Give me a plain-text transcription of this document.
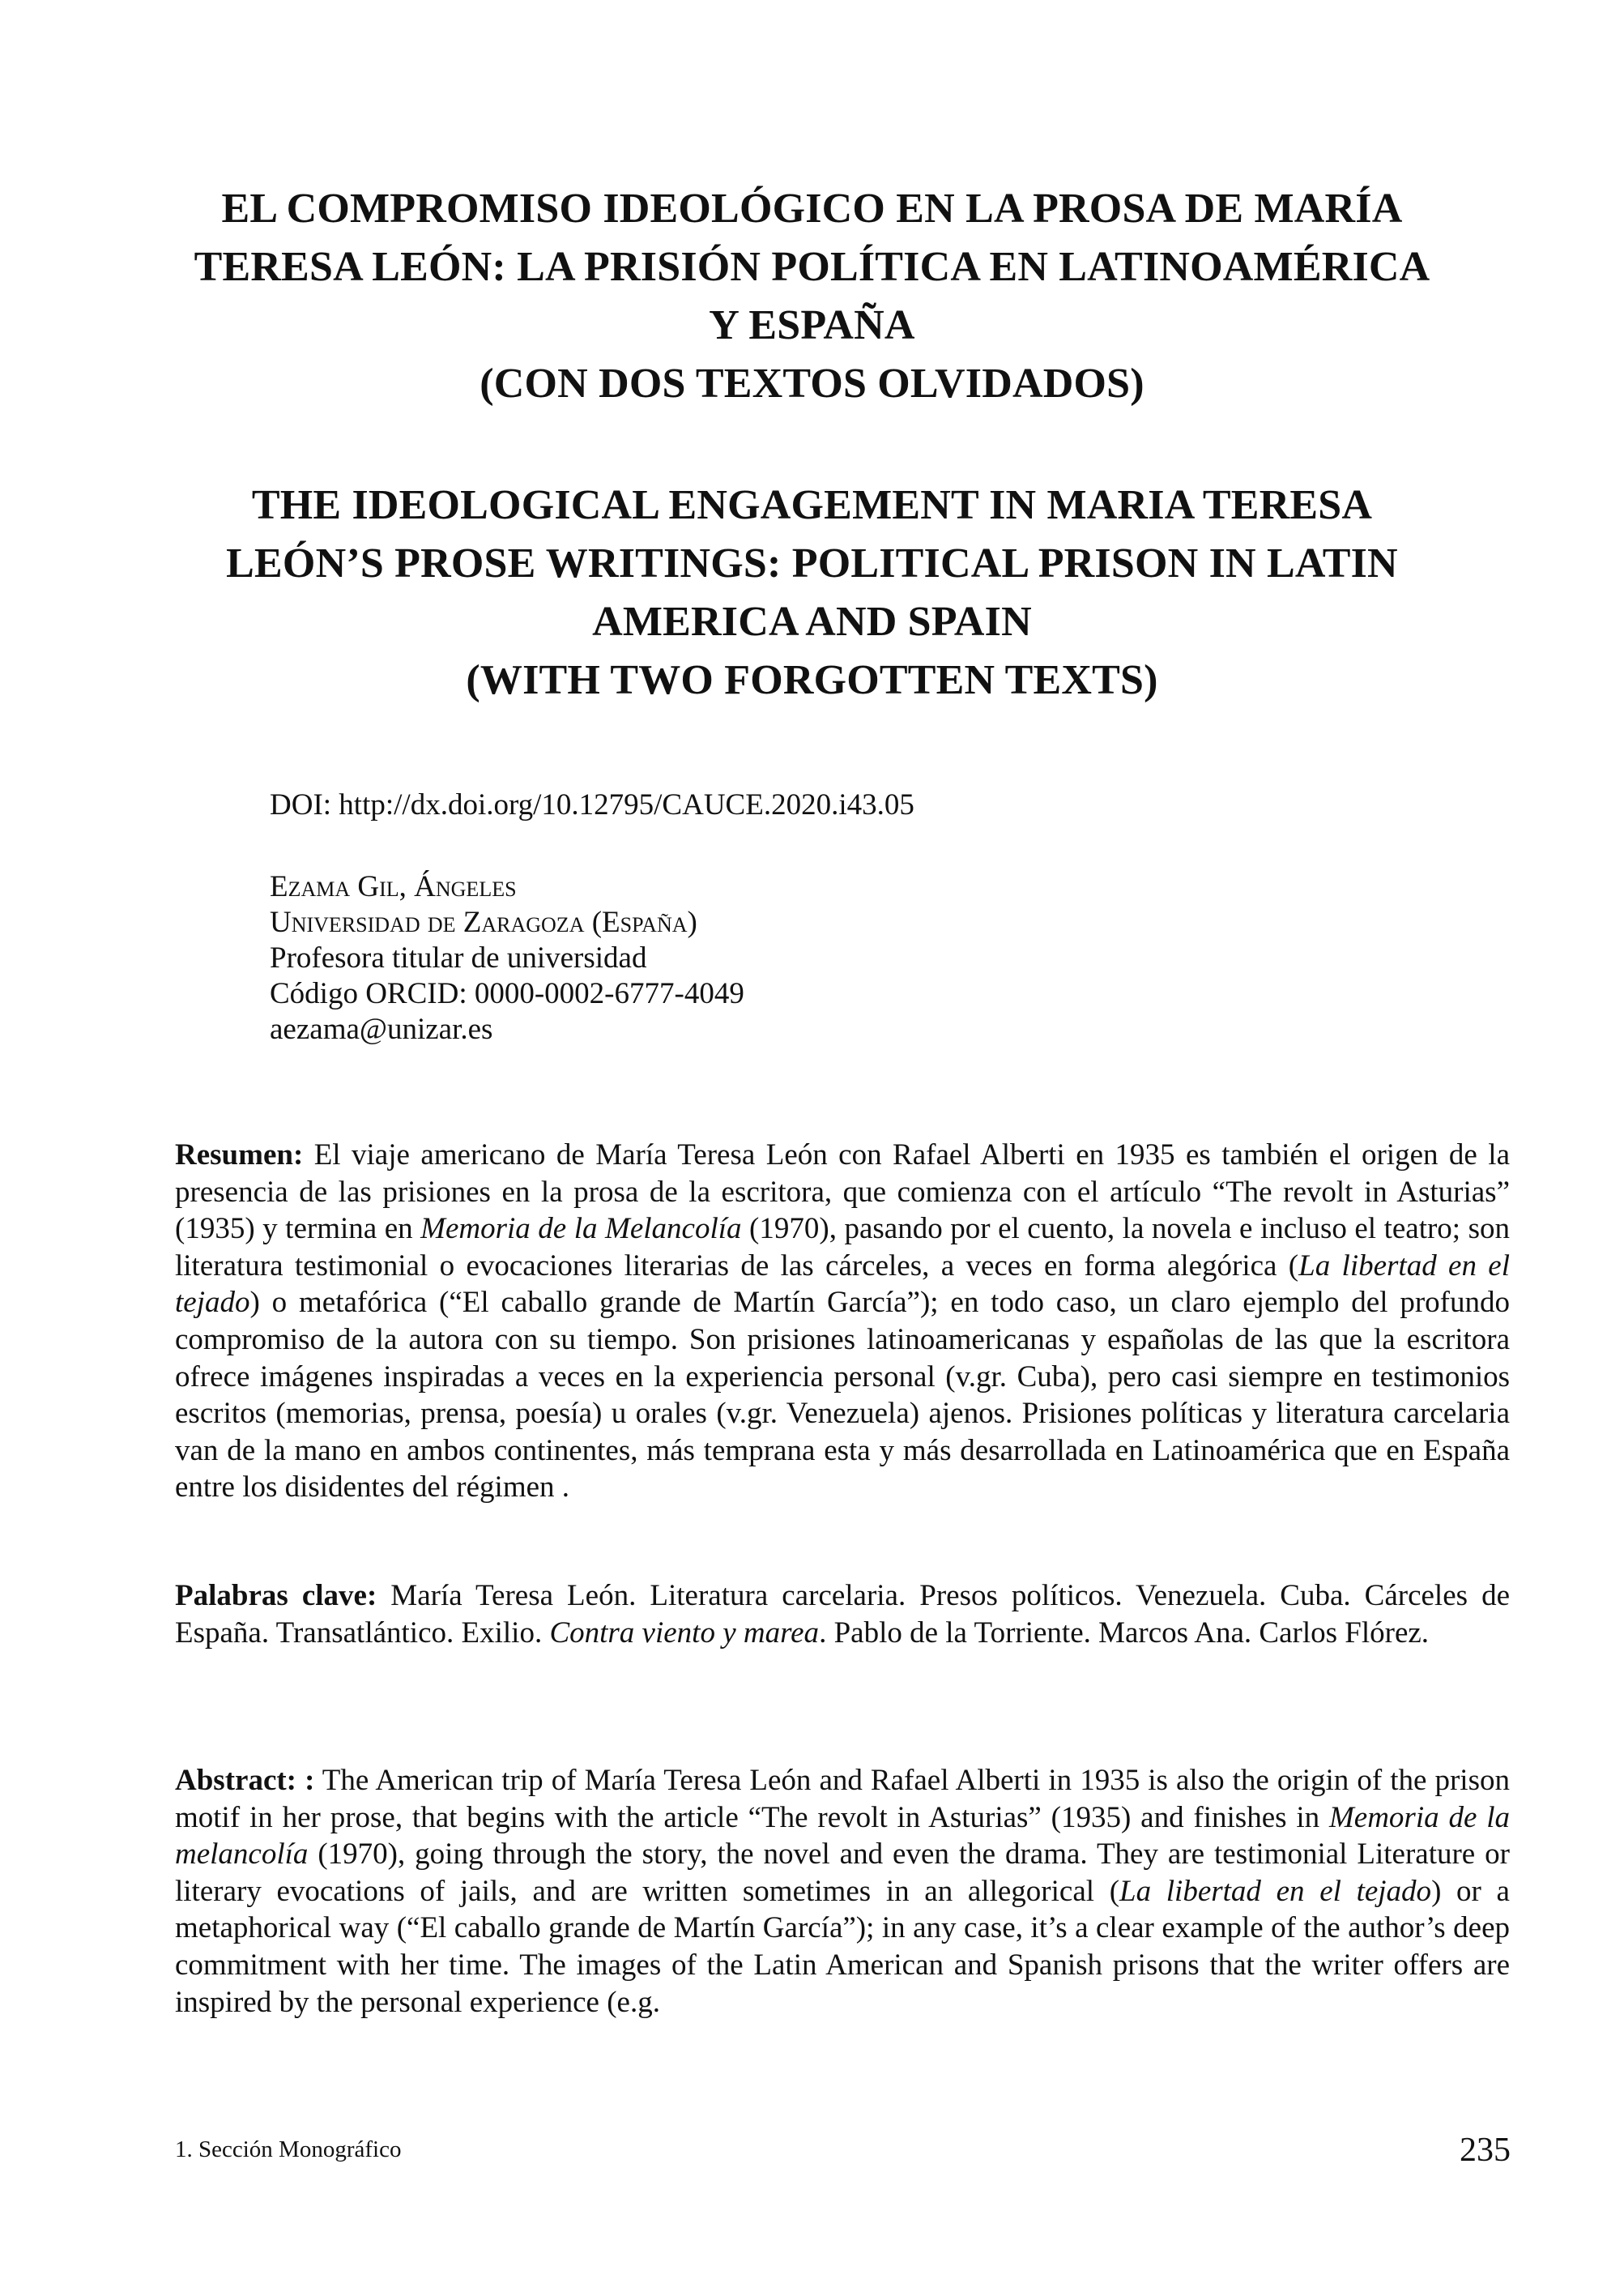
EL COMPROMISO IDEOLÓGICO EN LA PROSA DE MARÍA
TERESA LEÓN: LA PRISIÓN POLÍTICA EN LATINOAMÉRICA
Y ESPAÑA
(CON DOS TEXTOS OLVIDADOS)
THE IDEOLOGICAL ENGAGEMENT IN MARIA TERESA
LEÓN’S PROSE WRITINGS: POLITICAL PRISON IN LATIN
AMERICA AND SPAIN
(WITH TWO FORGOTTEN TEXTS)
DOI: http://dx.doi.org/10.12795/CAUCE.2020.i43.05
Ezama Gil, Ángeles
Universidad de Zaragoza (España)
Profesora titular de universidad
Código ORCID: 0000-0002-6777-4049
aezama@unizar.es
Resumen: El viaje americano de María Teresa León con Rafael Alberti en 1935 es también el origen de la presencia de las prisiones en la prosa de la escritora, que comienza con el artículo “The revolt in Asturias” (1935) y termina en Memoria de la Melancolía (1970), pasando por el cuento, la novela e incluso el teatro; son literatura testimonial o evocaciones literarias de las cárceles, a veces en forma alegórica (La libertad en el tejado) o metafórica (“El caballo grande de Martín García”); en todo caso, un claro ejemplo del profundo compromiso de la autora con su tiempo. Son prisiones latinoamericanas y españolas de las que la escritora ofrece imágenes inspiradas a veces en la experiencia personal (v.gr. Cuba), pero casi siempre en testimonios escritos (memorias, prensa, poesía) u orales (v.gr. Venezuela) ajenos. Prisiones políticas y literatura carcelaria van de la mano en ambos continentes, más temprana esta y más desarrollada en Latinoamérica que en España entre los disidentes del régimen .
Palabras clave: María Teresa León. Literatura carcelaria. Presos políticos. Venezuela. Cuba. Cárceles de España. Transatlántico. Exilio. Contra viento y marea. Pablo de la Torriente. Marcos Ana. Carlos Flórez.
Abstract: : The American trip of María Teresa León and Rafael Alberti in 1935 is also the origin of the prison motif in her prose, that begins with the article “The revolt in Asturias” (1935) and finishes in Memoria de la melancolía (1970), going through the story, the novel and even the drama. They are testimonial Literature or literary evocations of jails, and are written sometimes in an allegorical (La libertad en el tejado) or a metaphorical way (“El caballo grande de Martín García”); in any case, it’s a clear example of the author’s deep commitment with her time. The images of the Latin American and Spanish prisons that the writer offers are inspired by the personal experience (e.g.
1. Sección Monográfico	235
